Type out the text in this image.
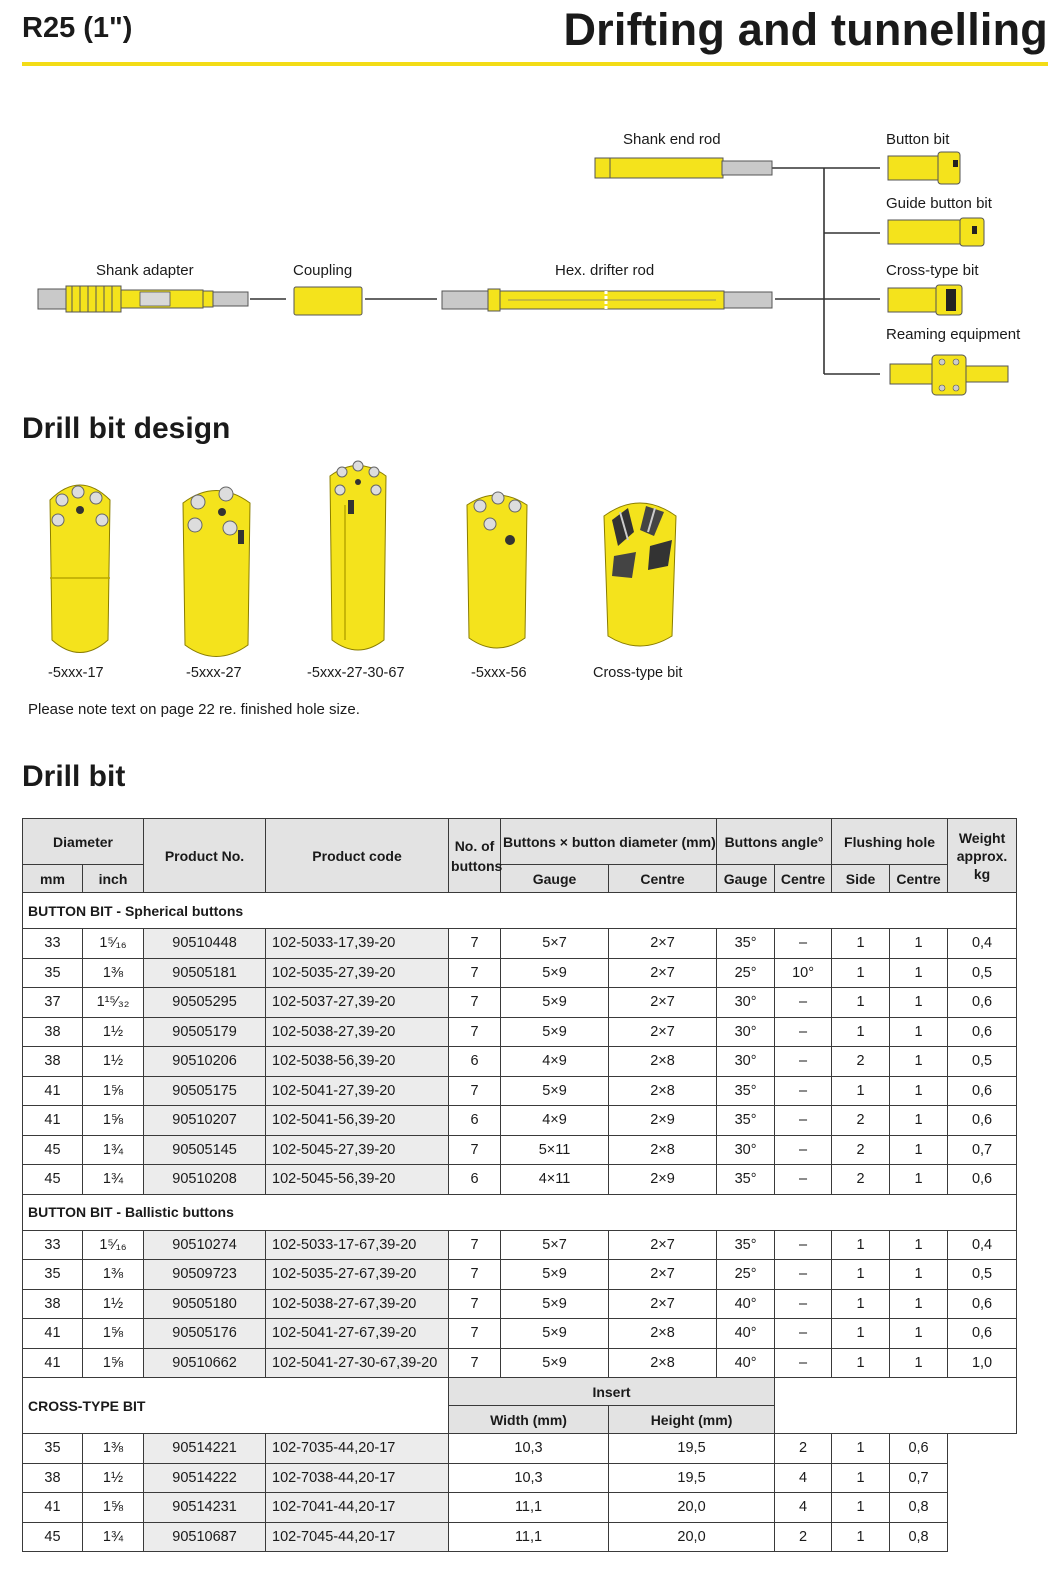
R25 (1")	Drifting and tunnelling
Shank end rod	Button bit
Guide button bit
Shank adapter	Coupling	Hex. drifter rod	Cross-type bit
Reaming equipment
Drill bit design
-5xxx-17	-5xxx-27	-5xxx-27-30-67	-5xxx-56	Cross-type bit
Please note text on page 22 re. finished hole size.
Drill bit
Diameter		Product No.	Product code	No. of
buttons	Buttons × button diameter (mm)		Buttons angle°		Flushing hole		Weight
approx.
kg
mm	inch				Gauge	Centre	Gauge	Centre	Side	Centre	
BUTTON BIT - Spherical buttons											
33	1⁵⁄₁₆	90510448	102-5033-17,39-20	7	5×7	2×7	35°	–	1	1	0,4
35	1⅜	90505181	102-5035-27,39-20	7	5×9	2×7	25°	10°	1	1	0,5
37	1¹⁵⁄₃₂	90505295	102-5037-27,39-20	7	5×9	2×7	30°	–	1	1	0,6
38	1½	90505179	102-5038-27,39-20	7	5×9	2×7	30°	–	1	1	0,6
38	1½	90510206	102-5038-56,39-20	6	4×9	2×8	30°	–	2	1	0,5
41	1⅝	90505175	102-5041-27,39-20	7	5×9	2×8	35°	–	1	1	0,6
41	1⅝	90510207	102-5041-56,39-20	6	4×9	2×9	35°	–	2	1	0,6
45	1¾	90505145	102-5045-27,39-20	7	5×11	2×8	30°	–	2	1	0,7
45	1¾	90510208	102-5045-56,39-20	6	4×11	2×9	35°	–	2	1	0,6
BUTTON BIT - Ballistic buttons											
33	1⁵⁄₁₆	90510274	102-5033-17-67,39-20	7	5×7	2×7	35°	–	1	1	0,4
35	1⅜	90509723	102-5035-27-67,39-20	7	5×9	2×7	25°	–	1	1	0,5
38	1½	90505180	102-5038-27-67,39-20	7	5×9	2×7	40°	–	1	1	0,6
41	1⅝	90505176	102-5041-27-67,39-20	7	5×9	2×8	40°	–	1	1	0,6
41	1⅝	90510662	102-5041-27-30-67,39-20	7	5×9	2×8	40°	–	1	1	1,0
CROSS-TYPE BIT				Insert							
				Width (mm)		Height (mm)					
35	1⅜	90514221	102-7035-44,20-17	10,3		19,5		2	1	0,6	
38	1½	90514222	102-7038-44,20-17	10,3		19,5		4	1	0,7	
41	1⅝	90514231	102-7041-44,20-17	11,1		20,0		4	1	0,8	
45	1¾	90510687	102-7045-44,20-17	11,1		20,0		2	1	0,8	
